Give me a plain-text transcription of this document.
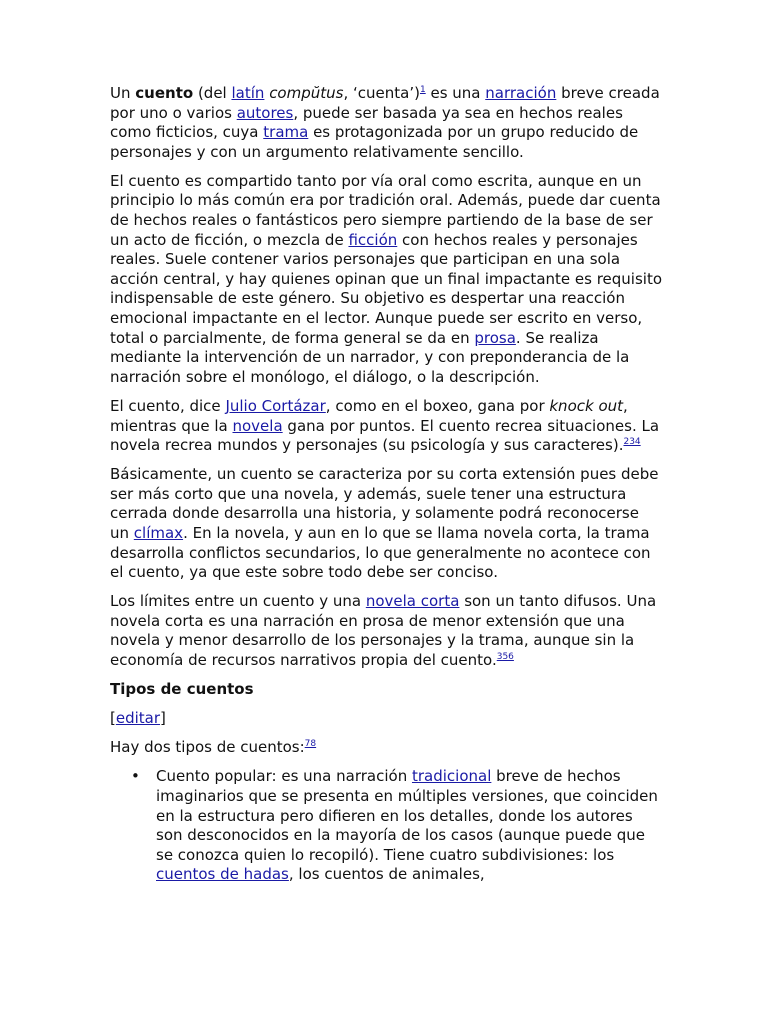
Un cuento (del latín compŭtus, ‘cuenta’)$^1$ es una narración breve creada por uno o varios autores, puede ser basada ya sea en hechos reales como ficticios, cuya trama es protagonizada por un grupo reducido de personajes y con un argumento relativamente sencillo.

El cuento es compartido tanto por vía oral como escrita, aunque en un principio lo más común era por tradición oral. Además, puede dar cuenta de hechos reales o fantásticos pero siempre partiendo de la base de ser un acto de ficción, o mezcla de ficción con hechos reales y personajes reales. Suele contener varios personajes que participan en una sola acción central, y hay quienes opinan que un final impactante es requisito indispensable de este género. Su objetivo es despertar una reacción emocional impactante en el lector. Aunque puede ser escrito en verso, total o parcialmente, de forma general se da en prosa. Se realiza mediante la intervención de un narrador, y con preponderancia de la narración sobre el monólogo, el diálogo, o la descripción.

El cuento, dice Julio Cortázar, como en el boxeo, gana por knock out, mientras que la novela gana por puntos. El cuento recrea situaciones. La novela recrea mundos y personajes (su psicología y sus caracteres).$^{234}$

Básicamente, un cuento se caracteriza por su corta extensión pues debe ser más corto que una novela, y además, suele tener una estructura cerrada donde desarrolla una historia, y solamente podrá reconocerse un clímax. En la novela, y aun en lo que se llama novela corta, la trama desarrolla conflictos secundarios, lo que generalmente no acontece con el cuento, ya que este sobre todo debe ser conciso.

Los límites entre un cuento y una novela corta son un tanto difusos. Una novela corta es una narración en prosa de menor extensión que una novela y menor desarrollo de los personajes y la trama, aunque sin la economía de recursos narrativos propia del cuento.$^{356}$

Tipos de cuentos

[editar]

Hay dos tipos de cuentos:$^{78}$

• Cuento popular: es una narración tradicional breve de hechos imaginarios que se presenta en múltiples versiones, que coinciden en la estructura pero difieren en los detalles, donde los autores son desconocidos en la mayoría de los casos (aunque puede que se conozca quien lo recopiló). Tiene cuatro subdivisiones: los cuentos de hadas, los cuentos de animales,
